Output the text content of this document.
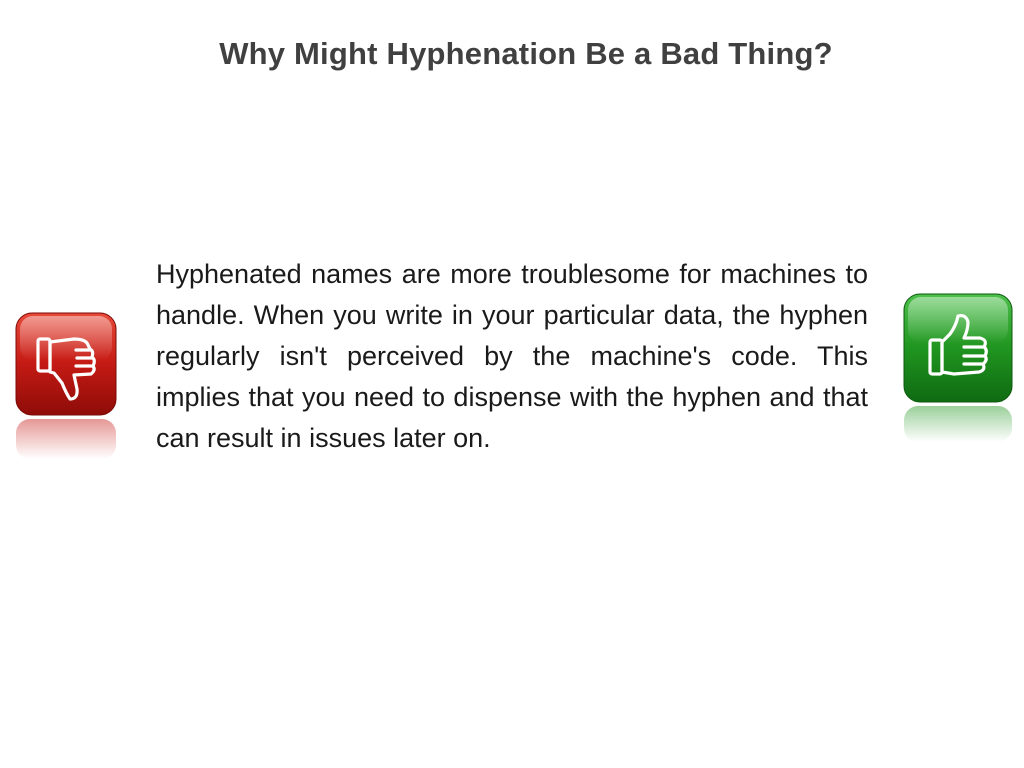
Why Might Hyphenation Be a Bad Thing?
Hyphenated names are more troublesome for machines to handle. When you write in your particular data, the hyphen regularly isn't perceived by the machine's code. This implies that you need to dispense with the hyphen and that can result in issues later on.
